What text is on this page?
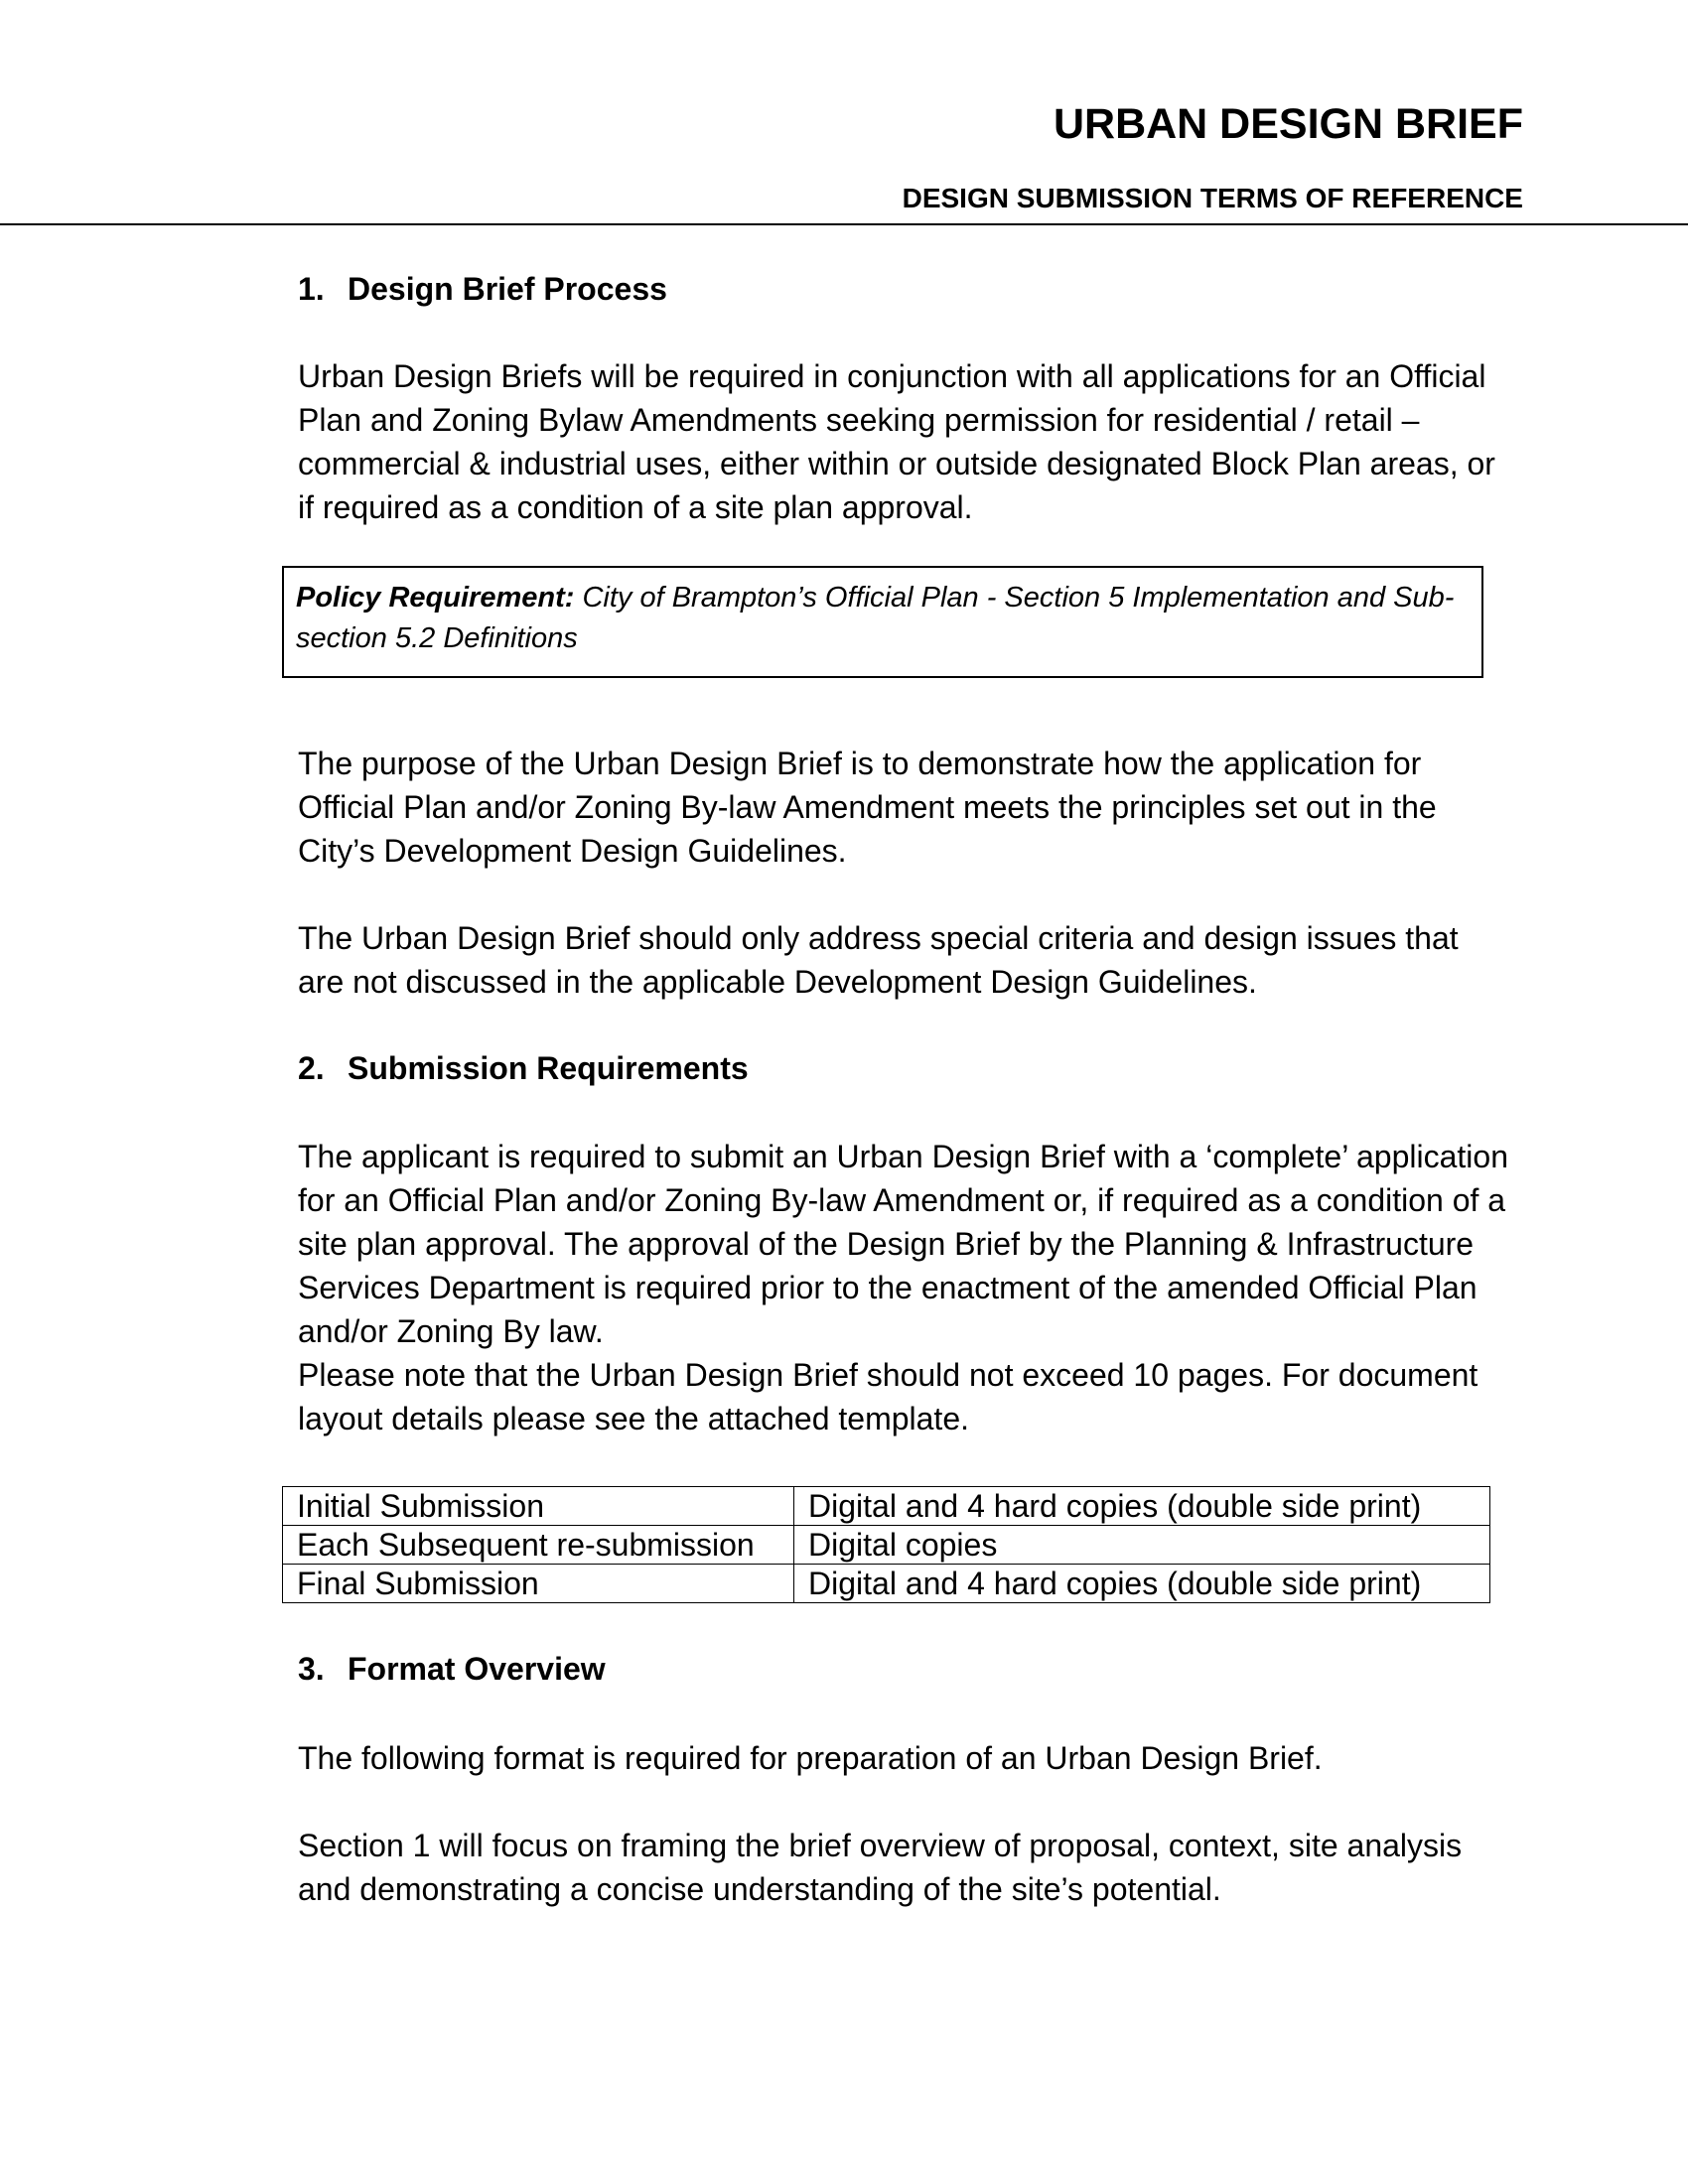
URBAN DESIGN BRIEF
DESIGN SUBMISSION TERMS OF REFERENCE
1. Design Brief Process
Urban Design Briefs will be required in conjunction with all applications for an Official Plan and Zoning Bylaw Amendments seeking permission for residential / retail – commercial & industrial uses, either within or outside designated Block Plan areas, or if required as a condition of a site plan approval.
The purpose of the Urban Design Brief is to demonstrate how the application for Official Plan and/or Zoning By-law Amendment meets the principles set out in the City’s Development Design Guidelines.
The Urban Design Brief should only address special criteria and design issues that are not discussed in the applicable Development Design Guidelines.
2. Submission Requirements
The applicant is required to submit an Urban Design Brief with a ‘complete’ application for an Official Plan and/or Zoning By-law Amendment or, if required as a condition of a site plan approval. The approval of the Design Brief by the Planning & Infrastructure Services Department is required prior to the enactment of the amended Official Plan and/or Zoning By law.
Please note that the Urban Design Brief should not exceed 10 pages. For document layout details please see the attached template.
3. Format Overview
The following format is required for preparation of an Urban Design Brief.
Section 1 will focus on framing the brief overview of proposal, context, site analysis and demonstrating a concise understanding of the site’s potential.
Policy Requirement: City of Brampton’s Official Plan - Section 5 Implementation and Sub-section 5.2 Definitions
Initial Submission	Digital and 4 hard copies (double side print)
Each Subsequent re-submission	Digital copies
Final Submission	Digital and 4 hard copies (double side print)
